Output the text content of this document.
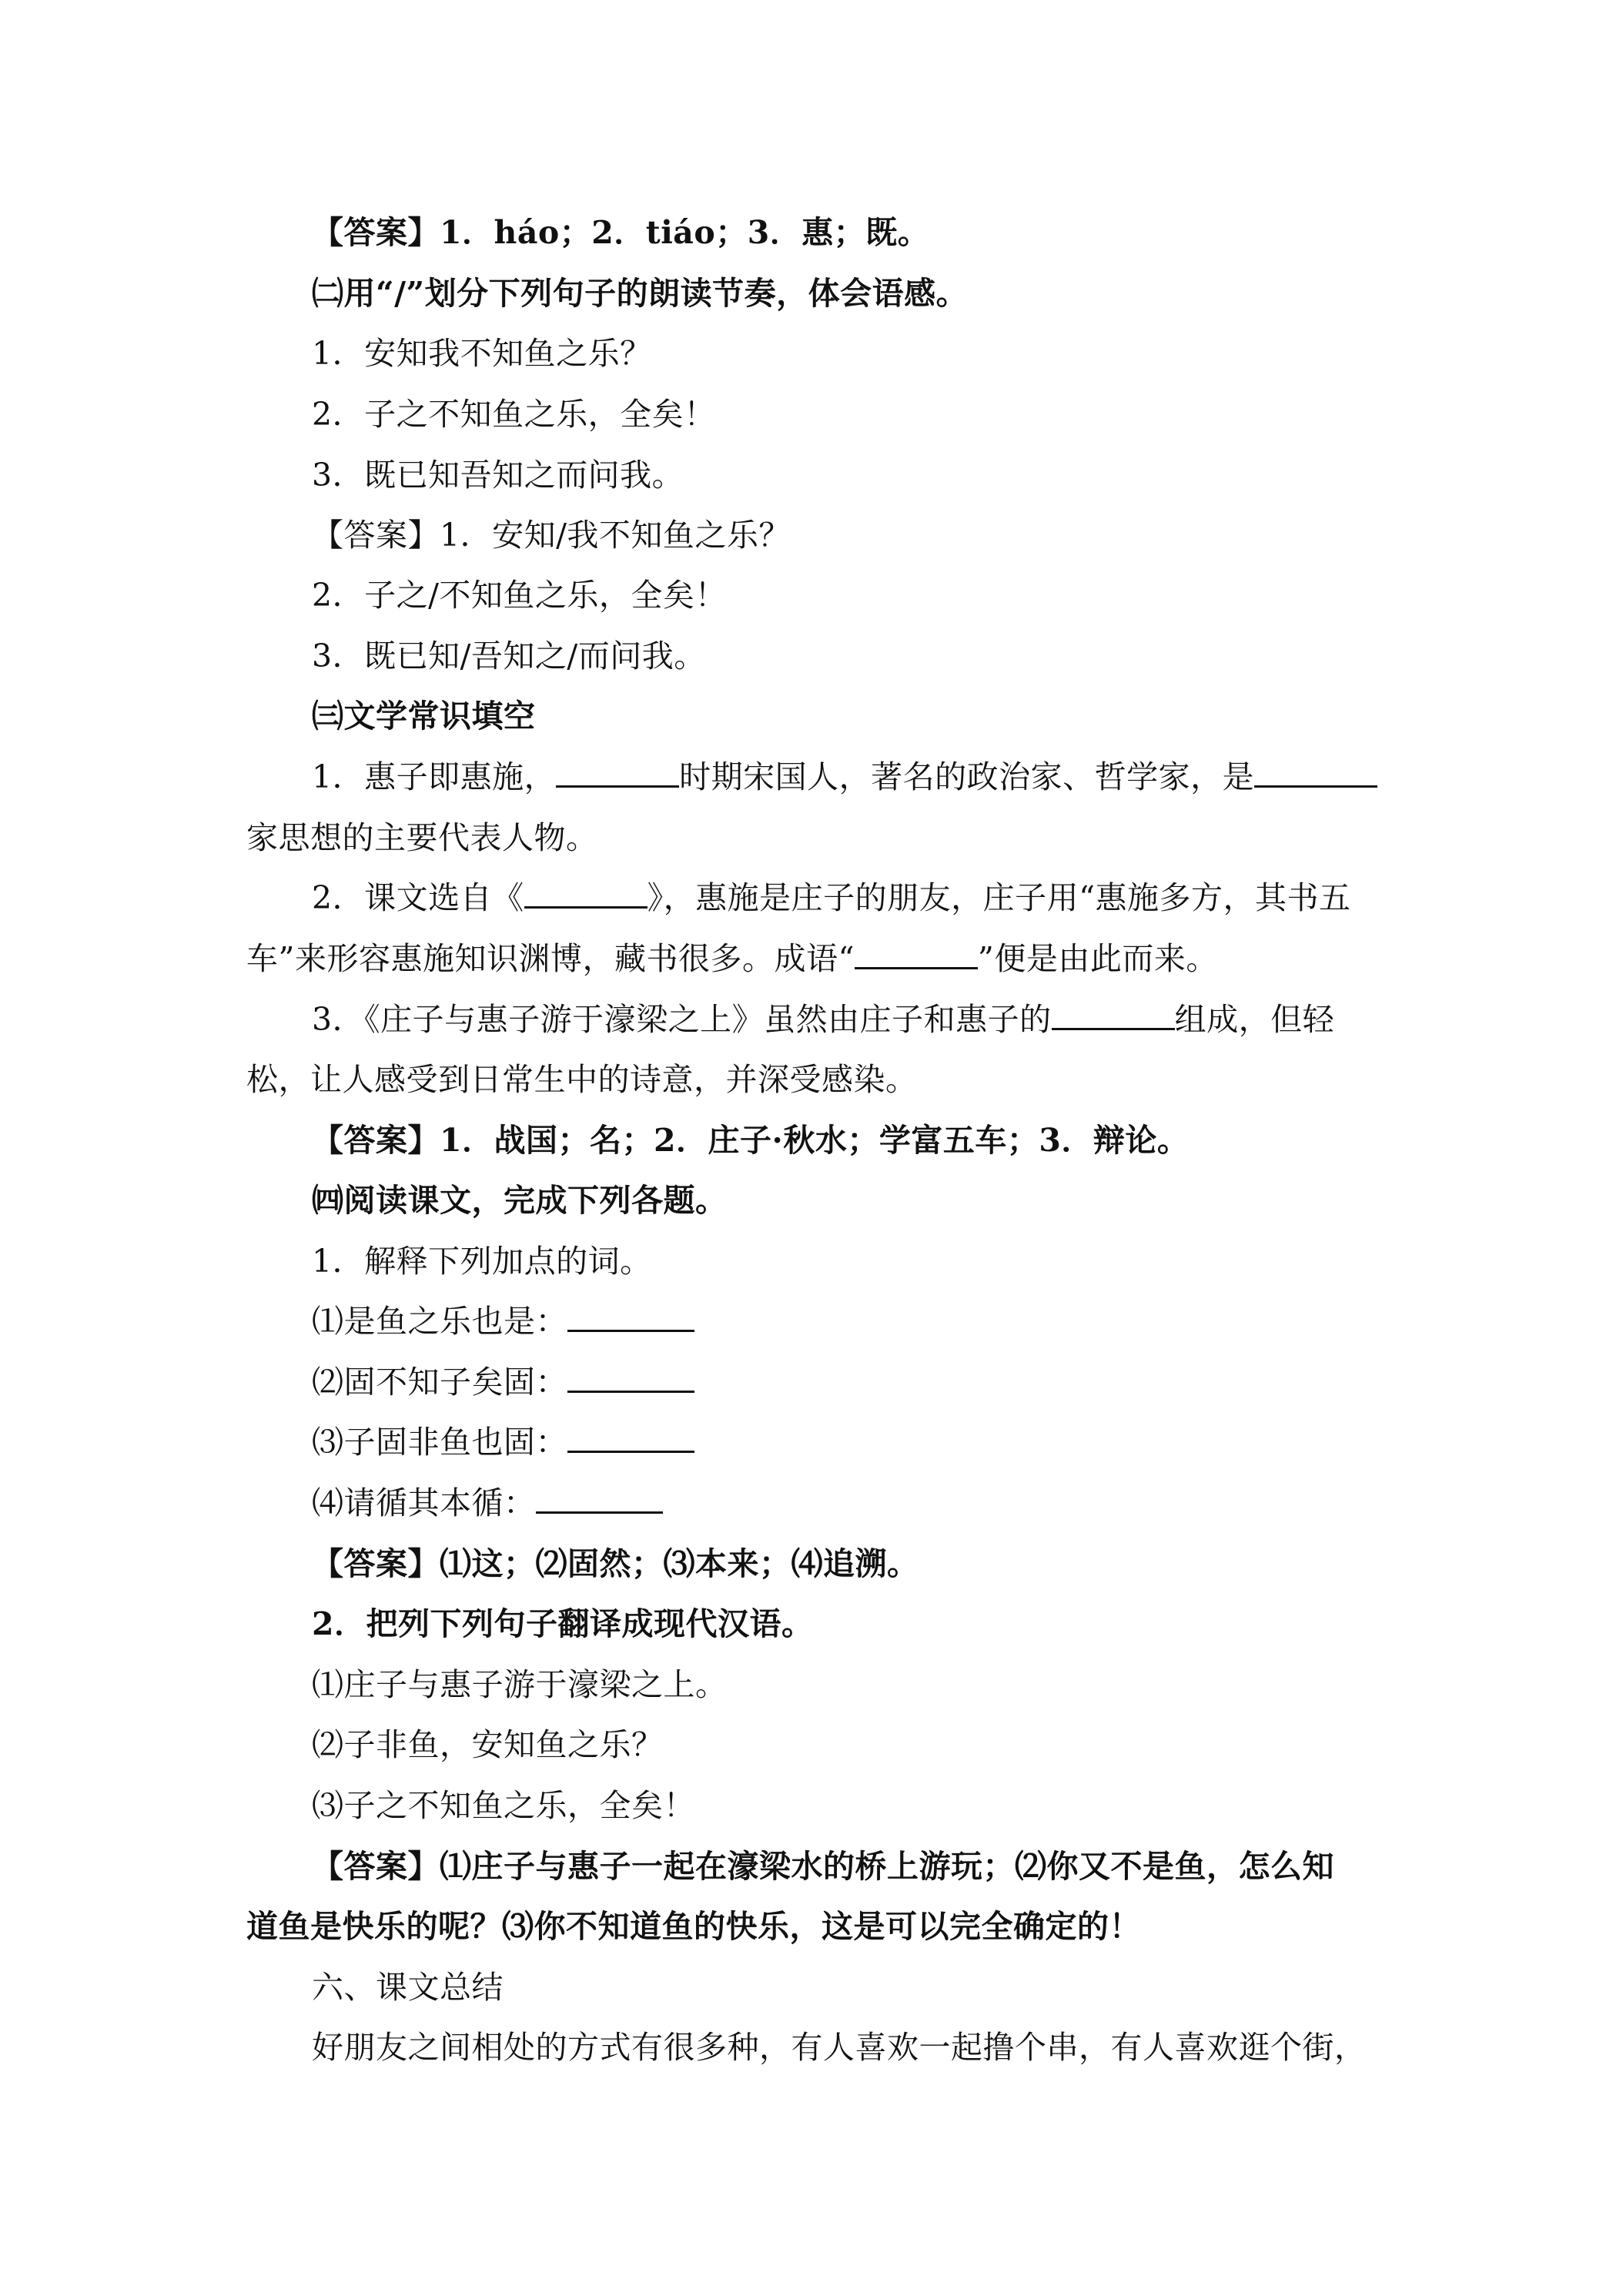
【答案】1．háo；2．tiáo；3．惠；既。
㈡用“/”划分下列句子的朗读节奏，体会语感。
1．安知我不知鱼之乐？
2．子之不知鱼之乐，全矣！
3．既已知吾知之而问我。
【答案】1．安知/我不知鱼之乐？
2．子之/不知鱼之乐，全矣！
3．既已知/吾知之/而问我。
㈢文学常识填空
1．惠子即惠施，	时期宋国人，著名的政治家、哲学家，是
家思想的主要代表人物。
2．课文选自《	》，惠施是庄子的朋友，庄子用“惠施多方，其书五
车”来形容惠施知识渊博，藏书很多。成语“	”便是由此而来。
3．《庄子与惠子游于濠梁之上》虽然由庄子和惠子的	组成，但轻
松，让人感受到日常生中的诗意，并深受感染。
【答案】1．战国；名；2．庄子·秋水；学富五车；3．辩论。
㈣阅读课文，完成下列各题。
1．解释下列加点的词。
⑴是鱼之乐也是：
⑵固不知子矣固：
⑶子固非鱼也固：
⑷请循其本循：
【答案】⑴这；⑵固然；⑶本来；⑷追溯。
2．把列下列句子翻译成现代汉语。
⑴庄子与惠子游于濠梁之上。
⑵子非鱼，安知鱼之乐？
⑶子之不知鱼之乐，全矣！
【答案】⑴庄子与惠子一起在濠梁水的桥上游玩；⑵你又不是鱼，怎么知
道鱼是快乐的呢？⑶你不知道鱼的快乐，这是可以完全确定的！
六、课文总结
好朋友之间相处的方式有很多种，有人喜欢一起撸个串，有人喜欢逛个街，
